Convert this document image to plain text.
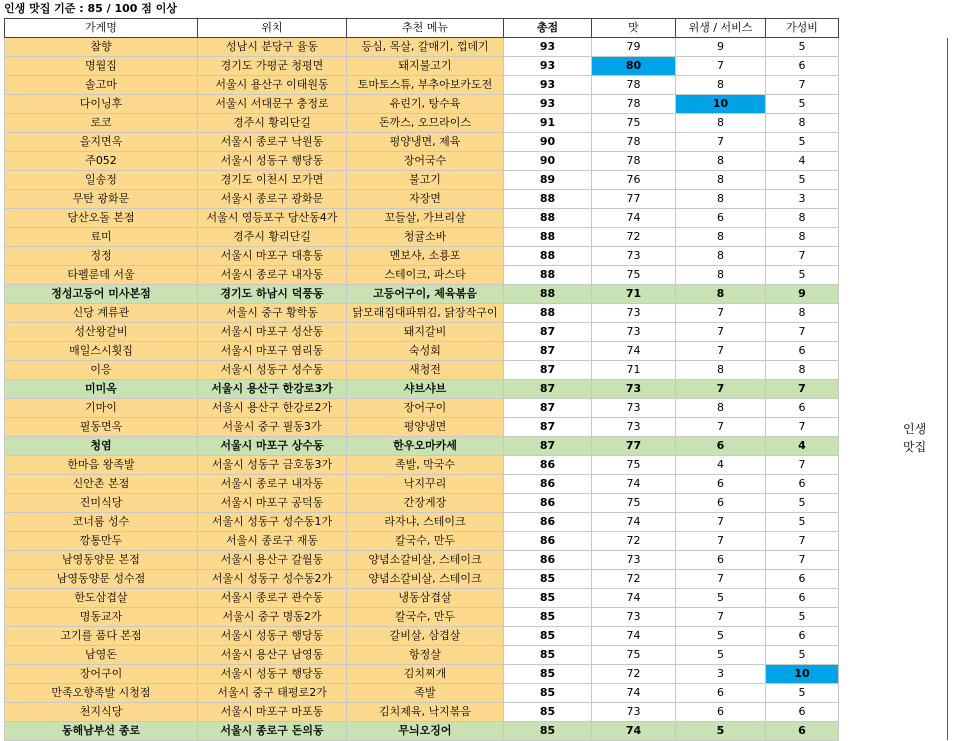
인생 맛집 기준 : 85 / 100 점 이상
가게명	위치	추천 메뉴	총점	맛	위생 / 서비스	가성비
참향	성남시 분당구 율동	등심, 목살, 갈매기, 껍데기	93	79	9	5
명월집	경기도 가평군 청평면	돼지불고기	93	80	7	6
솔고마	서울시 용산구 이태원동	토마토스튜, 부추아보카도전	93	78	8	7
다이닝후	서울시 서대문구 충정로	유린기, 탕수육	93	78	10	5
로코	경주시 황리단길	돈까스, 오므라이스	91	75	8	8
을지면옥	서울시 종로구 낙원동	평양냉면, 제육	90	78	7	5
주052	서울시 성동구 행당동	장어국수	90	78	8	4
일송정	경기도 이천시 모가면	불고기	89	76	8	5
무탄 광화문	서울시 종로구 광화문	자장면	88	77	8	3
당산오돌 본점	서울시 영등포구 당산동4가	꼬들살, 가브리살	88	74	6	8
료미	경주시 황리단길	청귤소바	88	72	8	8
정정	서울시 마포구 대흥동	멘보샤, 소룡포	88	73	8	7
타펠룬데 서울	서울시 종로구 내자동	스테이크, 파스타	88	75	8	5
정성고등어 미사본점	경기도 하남시 덕풍동	고등어구이, 제육볶음	88	71	8	9
신당 계류관	서울시 중구 황학동	닭모래집대파튀김, 닭장작구이	88	73	7	8
성산왕갈비	서울시 마포구 성산동	돼지갈비	87	73	7	7
매일스시횟집	서울시 마포구 염리동	숙성회	87	74	7	6
이응	서울시 성동구 성수동	새청전	87	71	8	8
미미옥	서울시 용산구 한강로3가	샤브샤브	87	73	7	7
기마이	서울시 용산구 한강로2가	장어구이	87	73	8	6
필동면옥	서울시 중구 필동3가	평양냉면	87	73	7	7
청염	서울시 마포구 상수동	한우오마카세	87	77	6	4
한마음 왕족발	서울시 성동구 금호동3가	족발, 막국수	86	75	4	7
신안촌 본점	서울시 종로구 내자동	낙지꾸리	86	74	6	6
진미식당	서울시 마포구 공덕동	간장게장	86	75	6	5
코너룸 성수	서울시 성동구 성수동1가	라자냐, 스테이크	86	74	7	5
깡통만두	서울시 종로구 재동	칼국수, 만두	86	72	7	7
남영동양문 본점	서울시 용산구 갈월동	양념소갈비살, 스테이크	86	73	6	7
남영동양문 성수점	서울시 성동구 성수동2가	양념소갈비살, 스테이크	85	72	7	6
한도삼겹살	서울시 종로구 관수동	냉동삼겹살	85	74	5	6
명동교자	서울시 중구 명동2가	칼국수, 만두	85	73	7	5
고기를 품다 본점	서울시 성동구 행당동	갈비살, 삼겹살	85	74	5	6
남영돈	서울시 용산구 남영동	항정살	85	75	5	5
장어구이	서울시 성동구 행당동	김치찌개	85	72	3	10
만족오향족발 시청점	서울시 중구 태평로2가	족발	85	74	6	5
천지식당	서울시 마포구 마포동	김치제육, 낙지볶음	85	73	6	6
동해남부선 종로	서울시 종로구 돈의동	무늬오징어	85	74	5	6
인생
맛집
